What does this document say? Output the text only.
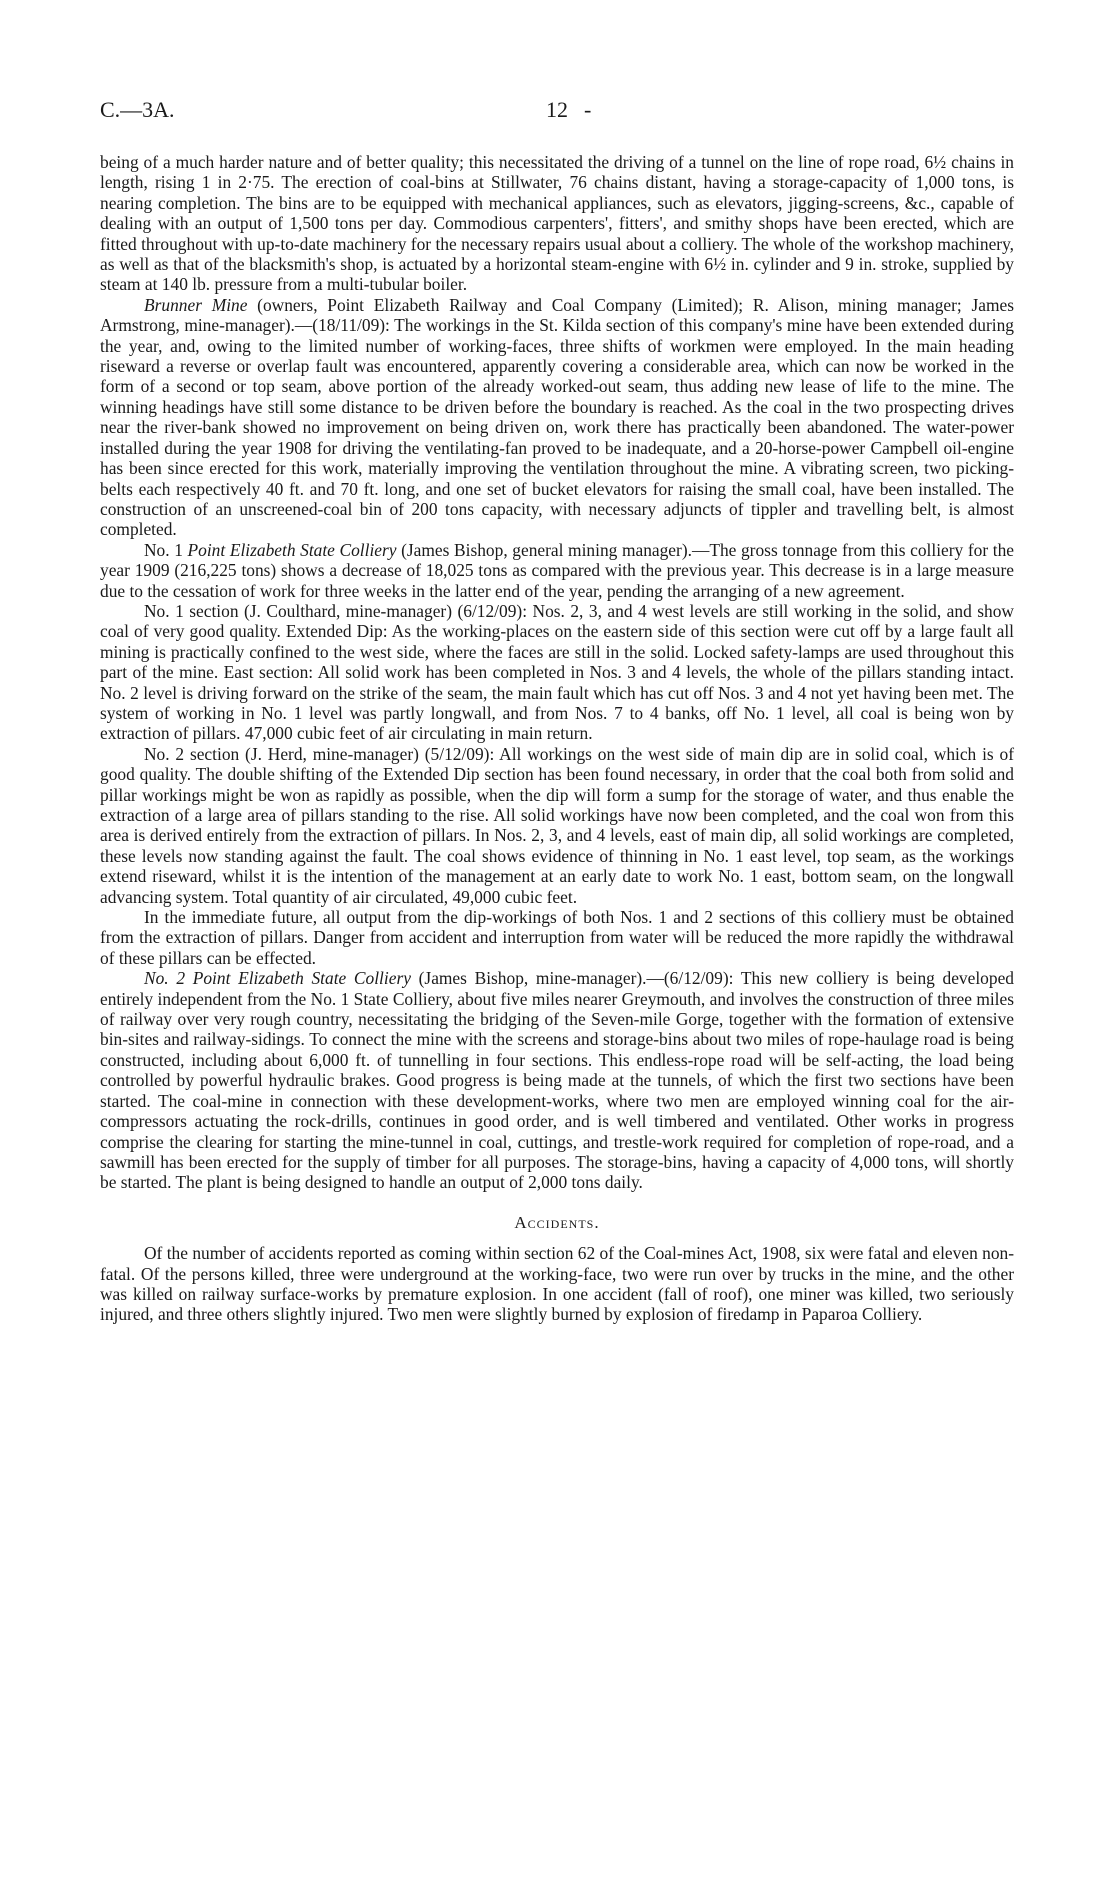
C.—3A.	-
12

being of a much harder nature and of better quality; this necessitated the driving of a tunnel on the line of rope road, 6½ chains in length, rising 1 in 2·75. The erection of coal-bins at Stillwater, 76 chains distant, having a storage-capacity of 1,000 tons, is nearing completion. The bins are to be equipped with mechanical appliances, such as elevators, jigging-screens, &c., capable of dealing with an output of 1,500 tons per day. Commodious carpenters', fitters', and smithy shops have been erected, which are fitted throughout with up-to-date machinery for the necessary repairs usual about a colliery. The whole of the workshop machinery, as well as that of the blacksmith's shop, is actuated by a horizontal steam-engine with 6½ in. cylinder and 9 in. stroke, supplied by steam at 140 lb. pressure from a multi-tubular boiler.

Brunner Mine (owners, Point Elizabeth Railway and Coal Company (Limited); R. Alison, mining manager; James Armstrong, mine-manager).—(18/11/09): The workings in the St. Kilda section of this company's mine have been extended during the year, and, owing to the limited number of working-faces, three shifts of workmen were employed. In the main heading riseward a reverse or overlap fault was encountered, apparently covering a considerable area, which can now be worked in the form of a second or top seam, above portion of the already worked-out seam, thus adding new lease of life to the mine. The winning headings have still some distance to be driven before the boundary is reached. As the coal in the two prospecting drives near the river-bank showed no improvement on being driven on, work there has practically been abandoned. The water-power installed during the year 1908 for driving the ventilating-fan proved to be inadequate, and a 20-horse-power Campbell oil-engine has been since erected for this work, materially improving the ventilation throughout the mine. A vibrating screen, two picking-belts each respectively 40 ft. and 70 ft. long, and one set of bucket elevators for raising the small coal, have been installed. The construction of an unscreened-coal bin of 200 tons capacity, with necessary adjuncts of tippler and travelling belt, is almost completed.

No. 1 Point Elizabeth State Colliery (James Bishop, general mining manager).—The gross tonnage from this colliery for the year 1909 (216,225 tons) shows a decrease of 18,025 tons as compared with the previous year. This decrease is in a large measure due to the cessation of work for three weeks in the latter end of the year, pending the arranging of a new agreement.

No. 1 section (J. Coulthard, mine-manager) (6/12/09): Nos. 2, 3, and 4 west levels are still working in the solid, and show coal of very good quality. Extended Dip: As the working-places on the eastern side of this section were cut off by a large fault all mining is practically confined to the west side, where the faces are still in the solid. Locked safety-lamps are used throughout this part of the mine. East section: All solid work has been completed in Nos. 3 and 4 levels, the whole of the pillars standing intact. No. 2 level is driving forward on the strike of the seam, the main fault which has cut off Nos. 3 and 4 not yet having been met. The system of working in No. 1 level was partly longwall, and from Nos. 7 to 4 banks, off No. 1 level, all coal is being won by extraction of pillars. 47,000 cubic feet of air circulating in main return.

No. 2 section (J. Herd, mine-manager) (5/12/09): All workings on the west side of main dip are in solid coal, which is of good quality. The double shifting of the Extended Dip section has been found necessary, in order that the coal both from solid and pillar workings might be won as rapidly as possible, when the dip will form a sump for the storage of water, and thus enable the extraction of a large area of pillars standing to the rise. All solid workings have now been completed, and the coal won from this area is derived entirely from the extraction of pillars. In Nos. 2, 3, and 4 levels, east of main dip, all solid workings are completed, these levels now standing against the fault. The coal shows evidence of thinning in No. 1 east level, top seam, as the workings extend riseward, whilst it is the intention of the management at an early date to work No. 1 east, bottom seam, on the longwall advancing system. Total quantity of air circulated, 49,000 cubic feet.

In the immediate future, all output from the dip-workings of both Nos. 1 and 2 sections of this colliery must be obtained from the extraction of pillars. Danger from accident and interruption from water will be reduced the more rapidly the withdrawal of these pillars can be effected.

No. 2 Point Elizabeth State Colliery (James Bishop, mine-manager).—(6/12/09): This new colliery is being developed entirely independent from the No. 1 State Colliery, about five miles nearer Greymouth, and involves the construction of three miles of railway over very rough country, necessitating the bridging of the Seven-mile Gorge, together with the formation of extensive bin-sites and railway-sidings. To connect the mine with the screens and storage-bins about two miles of rope-haulage road is being constructed, including about 6,000 ft. of tunnelling in four sections. This endless-rope road will be self-acting, the load being controlled by powerful hydraulic brakes. Good progress is being made at the tunnels, of which the first two sections have been started. The coal-mine in connection with these development-works, where two men are employed winning coal for the air-compressors actuating the rock-drills, continues in good order, and is well timbered and ventilated. Other works in progress comprise the clearing for starting the mine-tunnel in coal, cuttings, and trestle-work required for completion of rope-road, and a sawmill has been erected for the supply of timber for all purposes. The storage-bins, having a capacity of 4,000 tons, will shortly be started. The plant is being designed to handle an output of 2,000 tons daily.

Accidents.

Of the number of accidents reported as coming within section 62 of the Coal-mines Act, 1908, six were fatal and eleven non-fatal. Of the persons killed, three were underground at the working-face, two were run over by trucks in the mine, and the other was killed on railway surface-works by premature explosion. In one accident (fall of roof), one miner was killed, two seriously injured, and three others slightly injured. Two men were slightly burned by explosion of firedamp in Paparoa Colliery.
